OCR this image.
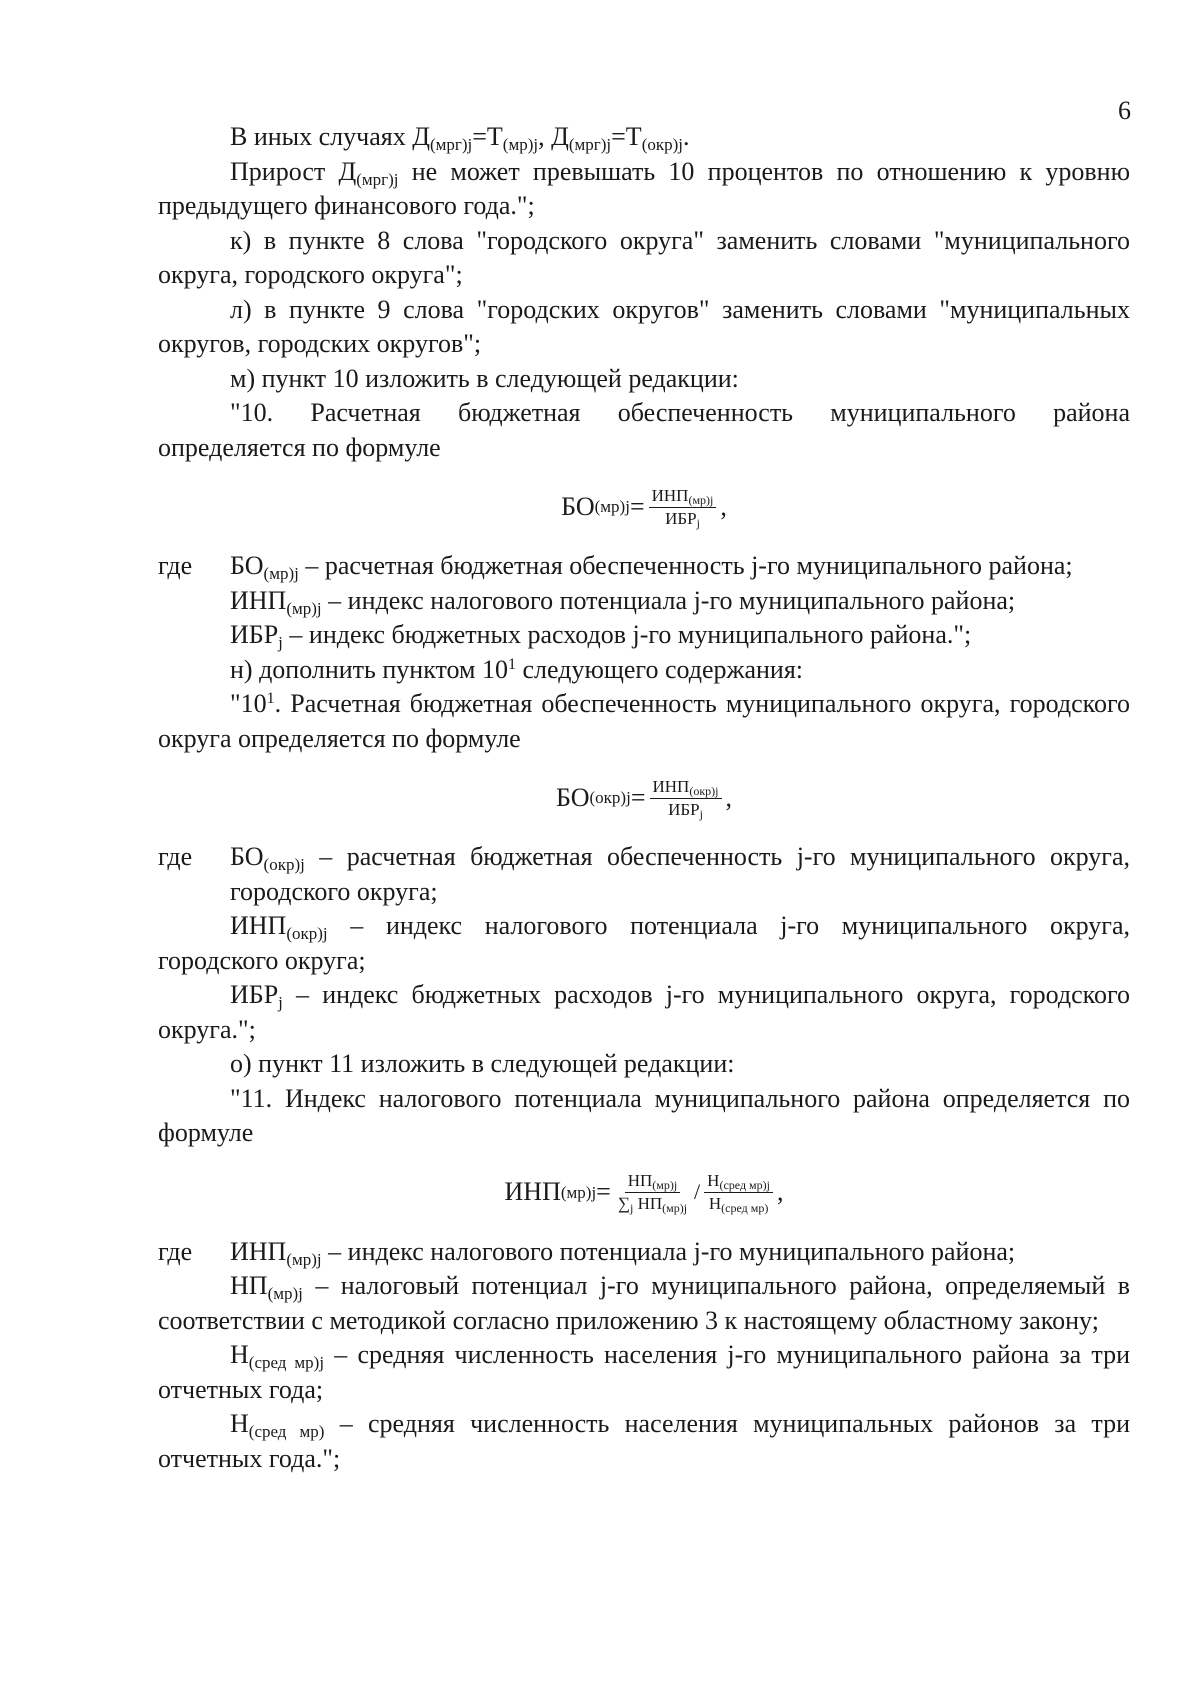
6

В иных случаях $Д_{(мрг)j}=Т_{(мр)j}$, $Д_{(мрг)j}=Т_{(окр)j}$.

Прирост $Д_{(мрг)j}$ не может превышать 10 процентов по отношению к уровню предыдущего финансового года.";

к) в пункте 8 слова "городского округа" заменить словами "муниципального округа, городского округа";

л) в пункте 9 слова "городских округов" заменить словами "муниципальных округов, городских округов";

м) пункт 10 изложить в следующей редакции:

"10. Расчетная бюджетная обеспеченность муниципального района определяется по формуле

БО $(мр)j = \frac{ИНП_{(мр)j}}{ИБР_j}$ ,
где	$БО_{(мр)j}$ – расчетная бюджетная обеспеченность j-го муниципального района;

$ИНП_{(мр)j}$ – индекс налогового потенциала j-го муниципального района;

$ИБР_j$ – индекс бюджетных расходов j-го муниципального района.";

н) дополнить пунктом $10^1$ следующего содержания:

"$10^1$. Расчетная бюджетная обеспеченность муниципального округа, городского округа определяется по формуле

БО $(окр)j = \frac{ИНП_{(окр)j}}{ИБР_j}$ ,
где	$БО_{(окр)j}$ – расчетная бюджетная обеспеченность j-го муниципального округа, городского округа;

$ИНП_{(окр)j}$ – индекс налогового потенциала j-го муниципального округа, городского округа;

$ИБР_j$ – индекс бюджетных расходов j-го муниципального округа, городского округа.";

о) пункт 11 изложить в следующей редакции:

"11. Индекс налогового потенциала муниципального района определяется по формуле

ИНП $(мр)j = \frac{НП_{(мр)j}}{\sum_j НП_{(мр)j}} / \frac{Н_{(сред мр)j}}{Н_{(сред мр)}}$ ,
где	$ИНП_{(мр)j}$ – индекс налогового потенциала j-го муниципального района;

$НП_{(мр)j}$ – налоговый потенциал j-го муниципального района, определяемый в соответствии с методикой согласно приложению 3 к настоящему областному закону;

$Н_{(сред мр)j}$ – средняя численность населения j-го муниципального района за три отчетных года;

$Н_{(сред мр)}$ – средняя численность населения муниципальных районов за три отчетных года.";
